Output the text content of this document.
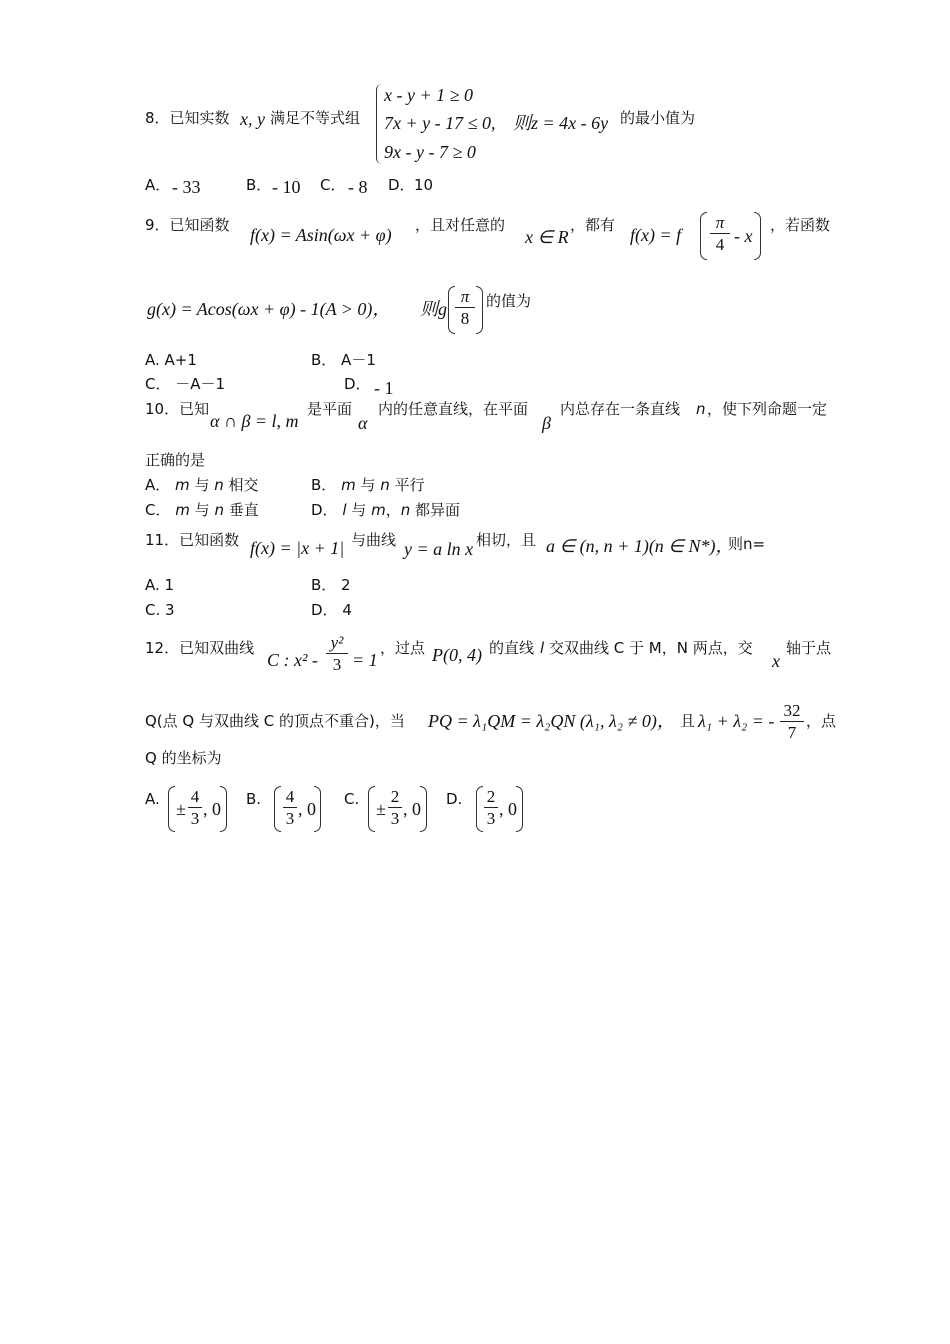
8．已知实数 x, y 满足不等式组
x - y + 1 ≥ 0
7x + y - 17 ≤ 0,
9x - y - 7 ≥ 0
则z = 4x - 6y 的最小值为
A． - 33	B． - 10 C． - 8 D． 10
9．已知函数 f(x) = Asin(ωx + φ) ，且对任意的
x ∈ R
，都有 f(x) = f
π
4 - x
，若函数
g(x) = Acos(ωx + φ) - 1(A > 0)， 则g
π
8
的值为
A. A+1	B． A－1
C． －A－1	D． - 1
10．已知
α ∩ β = l, m
是平面
α
内的任意直线，在平面
β
内总存在一条直线 n ，使下列命题一定
正确的是
A． m 与 n 相交	B． m 与 n 平行
C． m 与 n 垂直	D． l 与 m，n 都异面
11．已知函数 f(x) = |x + 1| 与曲线 y = a ln x 相切，且 a ∈ (n, n + 1)(n ∈ N*)，
则n=
A. 1	B． 2
C. 3	D． 4
12．已知双曲线
C : x² -
y²
3 = 1
，过点 P(0, 4) 的直线 l 交双曲线 C 于 M，N 两点，交
x
轴于点
Q(点 Q 与双曲线 C 的顶点不重合)，当 PQ = λ₁QM = λ₂QN (λ₁, λ₂ ≠ 0)， 且 λ₁ + λ₂ = -
32
7
，点
Q 的坐标为
A. ±
4
3 , 0 B. 4
3 , 0 C. ±
2
3 , 0 D. 2
3 , 0
